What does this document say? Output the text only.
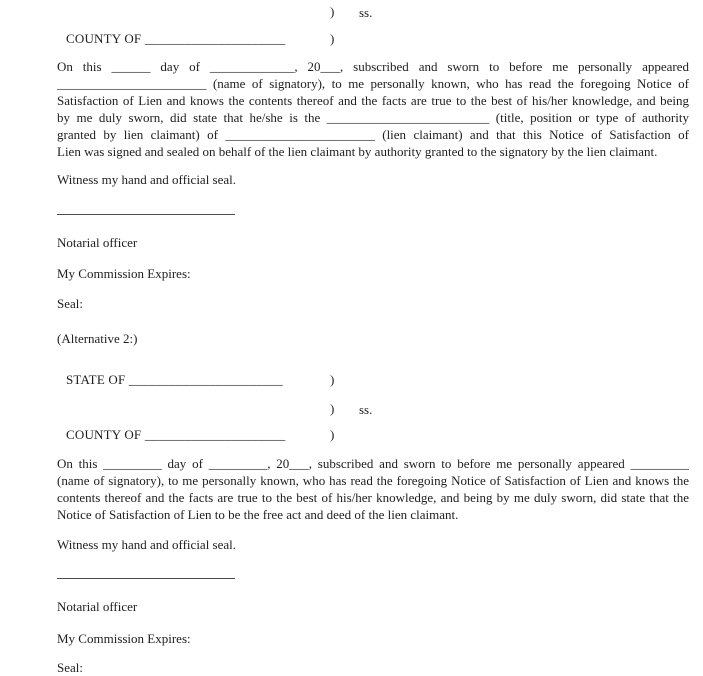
) ss.
COUNTY OF _____________________	)
On this ______ day of _____________, 20___, subscribed and sworn to before me personally appeared
_______________________ (name of signatory), to me personally known, who has read the foregoing Notice of
Satisfaction of Lien and knows the contents thereof and the facts are true to the best of his/her knowledge, and being
by me duly sworn, did state that he/she is the _________________________ (title, position or type of authority
granted by lien claimant) of _______________________ (lien claimant) and that this Notice of Satisfaction of
Lien was signed and sealed on behalf of the lien claimant by authority granted to the signatory by the lien claimant.
Witness my hand and official seal.
Notarial officer
My Commission Expires:
Seal:
(Alternative 2:)
STATE OF _______________________	)
) ss.
COUNTY OF _____________________	)
On this _________ day of _________, 20___, subscribed and sworn to before me personally appeared _________
(name of signatory), to me personally known, who has read the foregoing Notice of Satisfaction of Lien and knows the
contents thereof and the facts are true to the best of his/her knowledge, and being by me duly sworn, did state that the
Notice of Satisfaction of Lien to be the free act and deed of the lien claimant.
Witness my hand and official seal.
Notarial officer
My Commission Expires:
Seal:
